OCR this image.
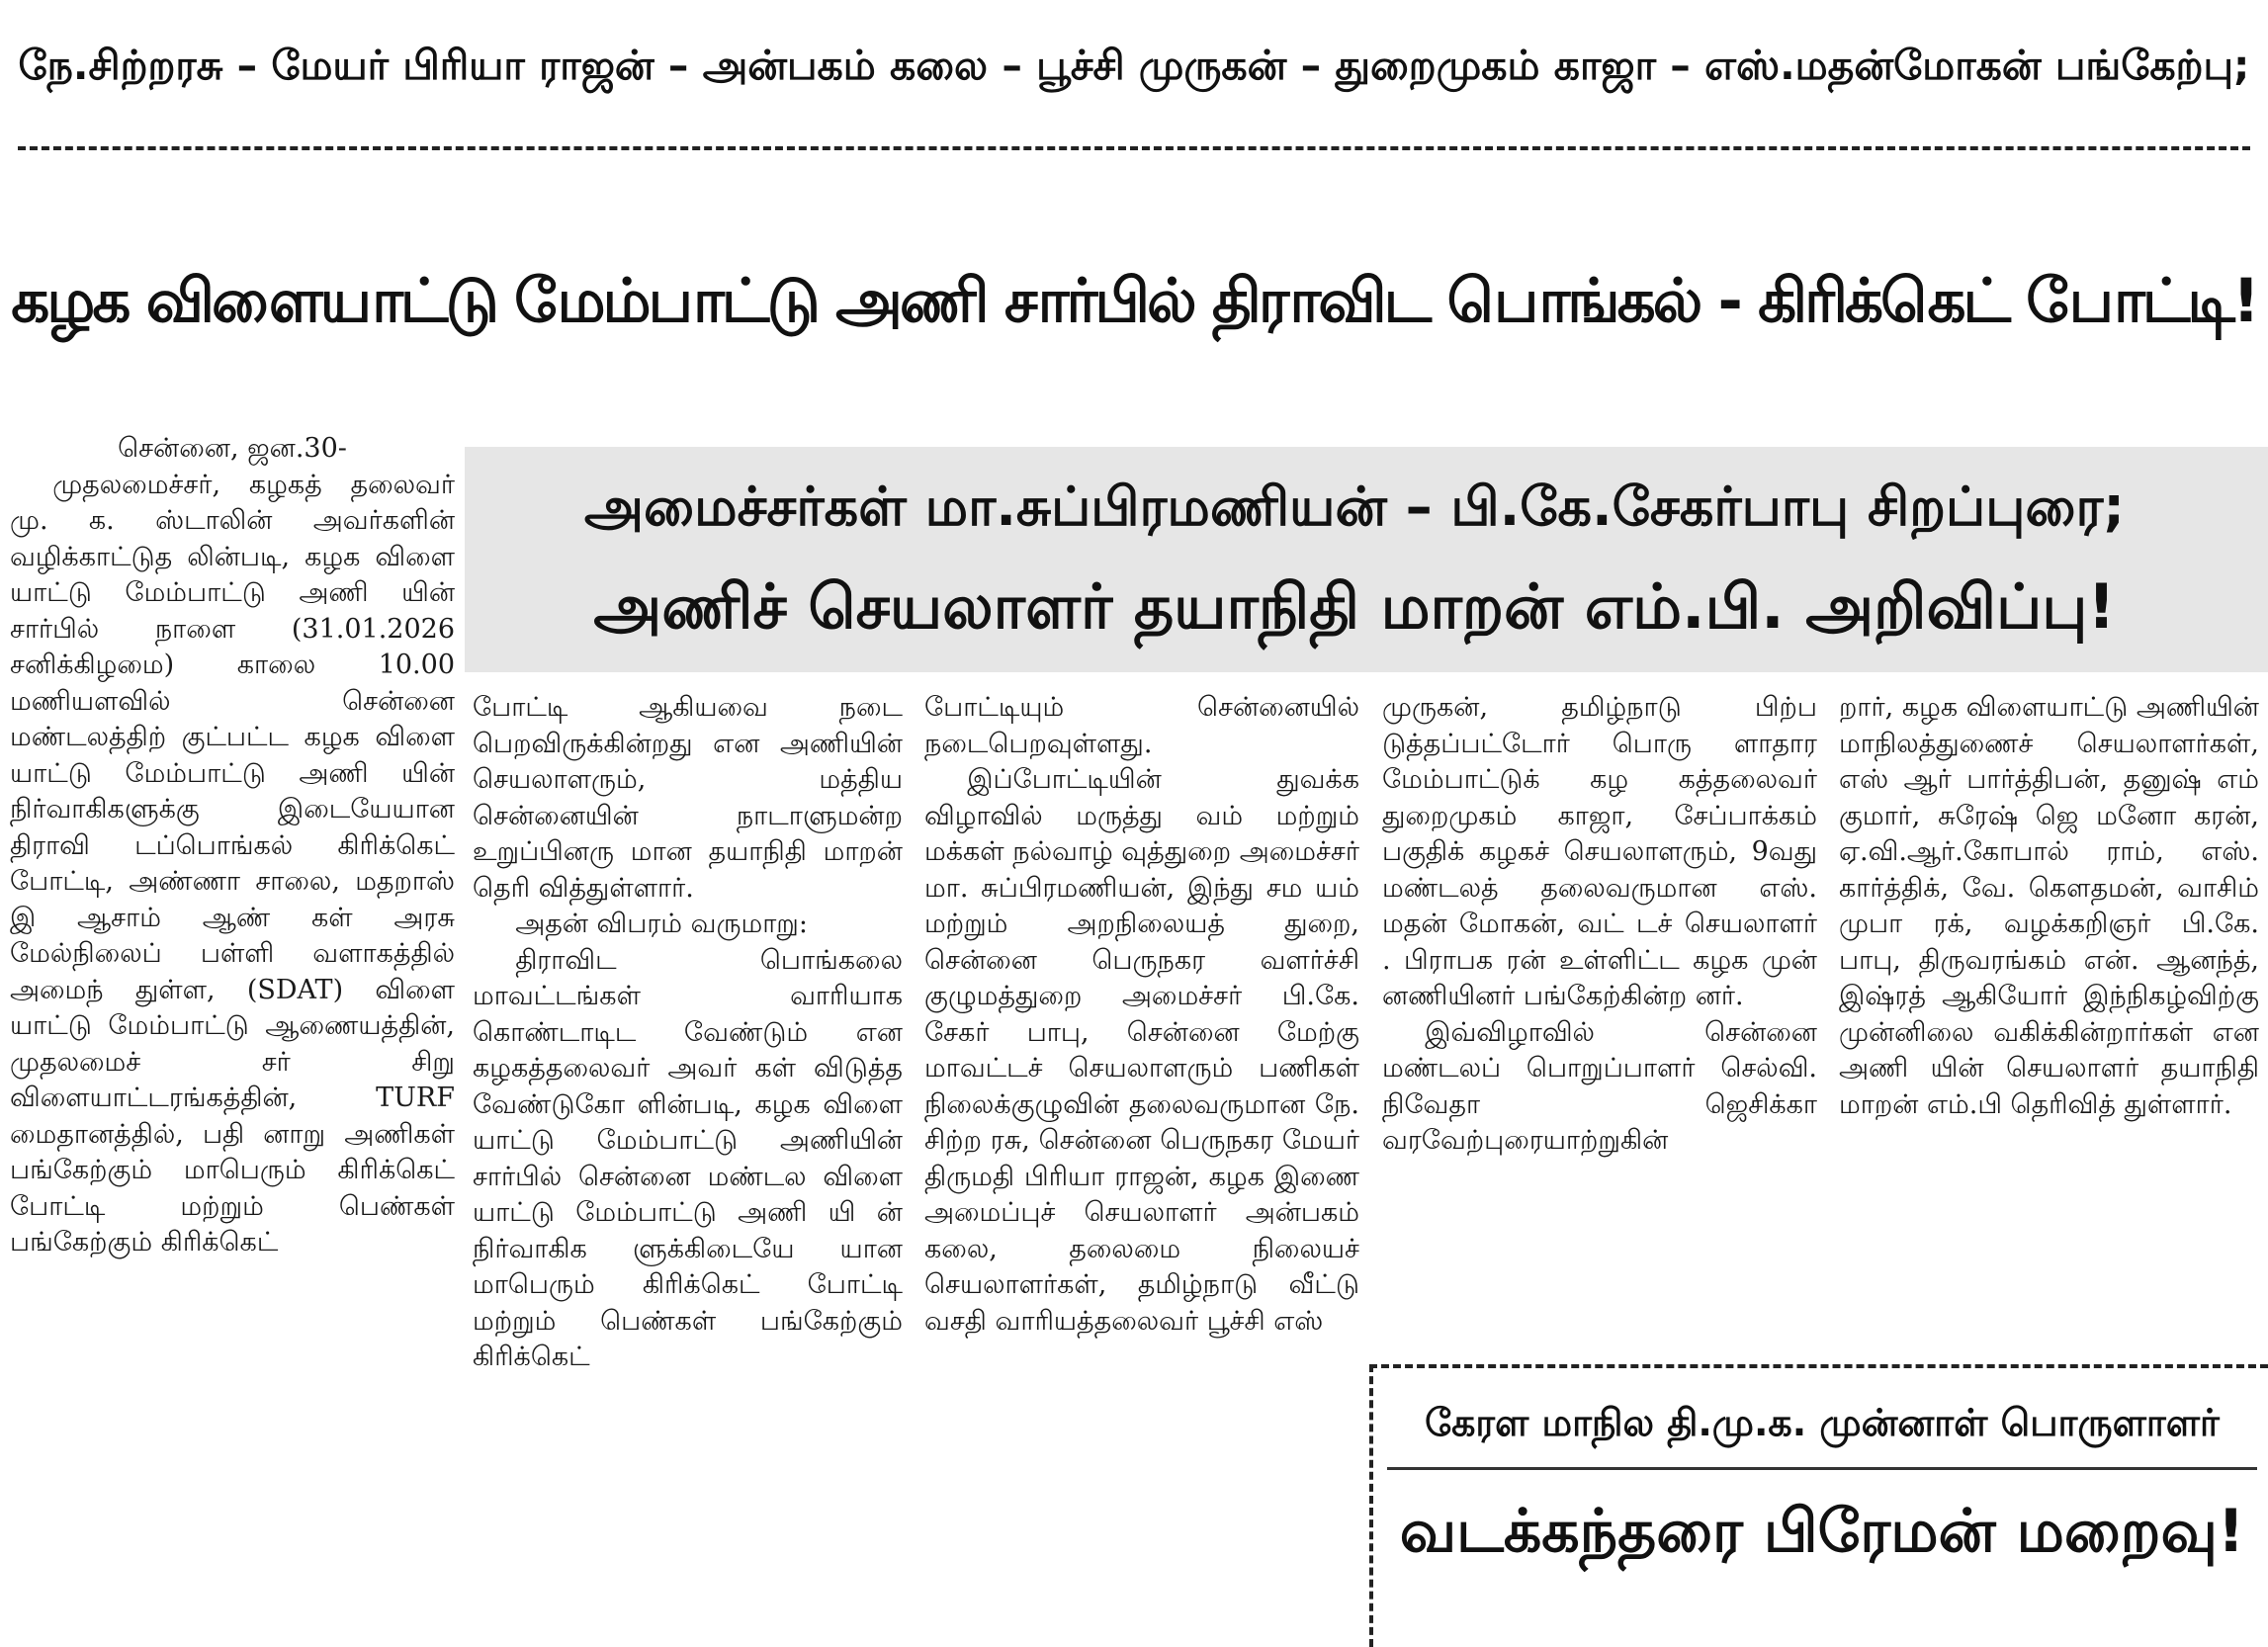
நே.சிற்றரசு – மேயர் பிரியா ராஜன் – அன்பகம் கலை – பூச்சி முருகன் – துறைமுகம் காஜா – எஸ்.மதன்மோகன் பங்கேற்பு;
கழக விளையாட்டு மேம்பாட்டு அணி சார்பில் திராவிட பொங்கல் - கிரிக்கெட் போட்டி!
அமைச்சர்கள் மா.சுப்பிரமணியன் – பி.கே.சேகர்பாபு சிறப்புரை;
அணிச் செயலாளர் தயாநிதி மாறன் எம்.பி. அறிவிப்பு!

சென்னை, ஜன.30-

முதலமைச்சர், கழகத் தலைவர் மு. க. ஸ்டாலின் அவர்களின் வழிக்காட்டுத லின்படி, கழக விளை யாட்டு மேம்பாட்டு அணி யின் சார்பில் நாளை (31.01.2026 சனிக்கிழமை) காலை 10.00 மணியளவில் சென்னை மண்டலத்திற் குட்பட்ட கழக விளை யாட்டு மேம்பாட்டு அணி யின் நிர்வாகிகளுக்கு இடையேயான திராவி டப்பொங்கல் கிரிக்கெட் போட்டி, அண்ணா சாலை, மதறாஸ் இ ஆசாம் ஆண் கள் அரசு மேல்நிலைப் பள்ளி வளாகத்தில் அமைந் துள்ள, (SDAT) விளை யாட்டு மேம்பாட்டு ஆணையத்தின், முதலமைச் சர் சிறு விளையாட்டரங்கத்தின், TURF மைதானத்தில், பதி னாறு அணிகள் பங்கேற்கும் மாபெரும் கிரிக்கெட் போட்டி மற்றும் பெண்கள் பங்கேற்கும் கிரிக்கெட்

போட்டி ஆகியவை நடை பெறவிருக்கின்றது என அணியின் செயலாளரும், மத்திய சென்னையின் நாடாளுமன்ற உறுப்பினரு மான தயாநிதி மாறன் தெரி வித்துள்ளார்.

அதன் விபரம் வருமாறு:

திராவிட பொங்கலை மாவட்டங்கள் வாரியாக கொண்டாடிட வேண்டும் என கழகத்தலைவர் அவர் கள் விடுத்த வேண்டுகோ ளின்படி, கழக விளை யாட்டு மேம்பாட்டு அணியின் சார்பில் சென்னை மண்டல விளை யாட்டு மேம்பாட்டு அணி யி ன் நிர்வாகிக ளுக்கிடையே யான மாபெரும் கிரிக்கெட் போட்டி மற்றும் பெண்கள் பங்கேற்கும் கிரிக்கெட்

போட்டியும் சென்னையில் நடைபெறவுள்ளது.

இப்போட்டியின் துவக்க விழாவில் மருத்து வம் மற்றும் மக்கள் நல்வாழ் வுத்துறை அமைச்சர் மா. சுப்பிரமணியன், இந்து சம யம் மற்றும் அறநிலையத் துறை, சென்னை பெருநகர வளர்ச்சி குழுமத்துறை அமைச்சர் பி.கே. சேகர் பாபு, சென்னை மேற்கு மாவட்டச் செயலாளரும் பணிகள் நிலைக்குழுவின் தலைவருமான நே. சிற்ற ரசு, சென்னை பெருநகர மேயர் திருமதி பிரியா ராஜன், கழக இணை அமைப்புச் செயலாளர் அன்பகம் கலை, தலைமை நிலையச் செயலாளர்கள், தமிழ்நாடு வீட்டு வசதி வாரியத்தலைவர் பூச்சி எஸ்

முருகன், தமிழ்நாடு பிற்ப டுத்தப்பட்டோர் பொரு ளாதார மேம்பாட்டுக் கழ கத்தலைவர் துறைமுகம் காஜா, சேப்பாக்கம் பகுதிக் கழகச் செயலாளரும், 9வது மண்டலத் தலைவருமான எஸ். மதன் மோகன், வட் டச் செயலாளர் . பிராபக ரன் உள்ளிட்ட கழக முன் னணியினர் பங்கேற்கின்ற னர்.

இவ்விழாவில் சென்னை மண்டலப் பொறுப்பாளர் செல்வி. நிவேதா ஜெசிக்கா வரவேற்புரையாற்றுகின்

றார், கழக விளையாட்டு அணியின் மாநிலத்துணைச் செயலாளர்கள், எஸ் ஆர் பார்த்திபன், தனுஷ் எம் குமார், சுரேஷ் ஜெ மனோ கரன், ஏ.வி.ஆர்.கோபால் ராம், எஸ். கார்த்திக், வே. கௌதமன், வாசிம் முபா ரக், வழக்கறிஞர் பி.கே. பாபு, திருவரங்கம் என். ஆனந்த், இஷ்ரத் ஆகியோர் இந்நிகழ்விற்கு முன்னிலை வகிக்கின்றார்கள் என அணி யின் செயலாளர் தயாநிதி மாறன் எம்.பி தெரிவித் துள்ளார்.

கேரள மாநில தி.மு.க. முன்னாள் பொருளாளர்
வடக்கந்தரை பிரேமன் மறைவு!
